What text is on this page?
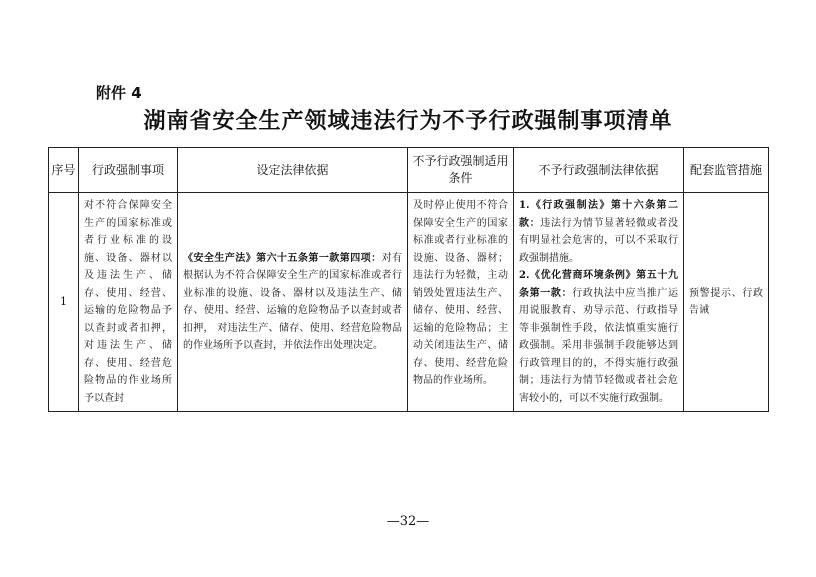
附件 4
湖南省安全生产领域违法行为不予行政强制事项清单
序号	行政强制事项	设定法律依据	不予行政强制适用条件	不予行政强制法律依据	配套监管措施
1	对不符合保障安全生产的国家标准或者行业标准的设施、设备、器材以及违法生产、储存、使用、经营、运输的危险物品予以查封或者扣押，对违法生产、储存、使用、经营危险物品的作业场所予以查封	《安全生产法》第六十五条第一款第四项：对有根据认为不符合保障安全生产的国家标准或者行业标准的设施、设备、器材以及违法生产、储存、使用、经营、运输的危险物品予以查封或者扣押， 对违法生产、储存、使用、经营危险物品的作业场所予以查封，并依法作出处理决定。	及时停止使用不符合保障安全生产的国家标准或者行业标准的设施、设备、器材；违法行为轻微，主动销毁处置违法生产、储存、使用、经营、运输的危险物品；主动关闭违法生产、储存、使用、经营危险物品的作业场所。	1.《行政强制法》第十六条第二款：违法行为情节显著轻微或者没有明显社会危害的，可以不采取行政强制措施。
2.《优化营商环境条例》第五十九条第一款：行政执法中应当推广运用说服教育、劝导示范、行政指导等非强制性手段，依法慎重实施行政强制。采用非强制手段能够达到行政管理目的的，不得实施行政强制；违法行为情节轻微或者社会危害较小的，可以不实施行政强制。	预警提示、行政告诫
—32—
